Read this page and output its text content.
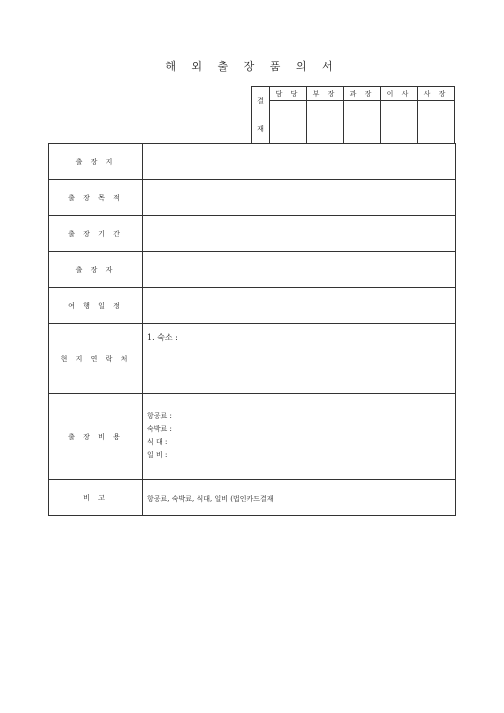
해 외 출 장 품 의 서
결
재	담 당	부 장	과 장	이 사	사 장

출 장 지	
출 장 목 적	
출 장 기 간	
출 장 자	
여 행 일 정	
현 지 연 락 처	1. 숙소 :

출 장 비 용	항공료 :
숙박료 :
식 대 :
일 비 :

비 고	항공료, 숙박료, 식대, 일비 (법인카드결재
